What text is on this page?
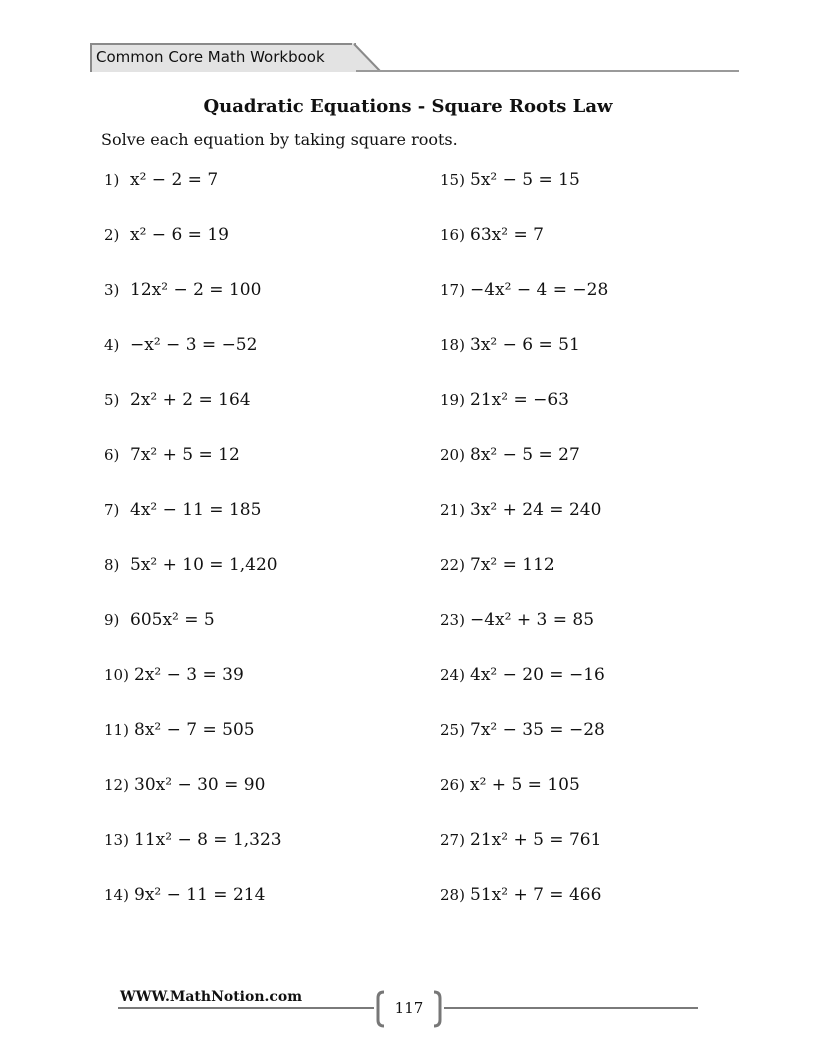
Common Core Math Workbook
Quadratic Equations - Square Roots Law
Solve each equation by taking square roots.
1) x² − 2 = 7
2) x² − 6 = 19
3) 12x² − 2 = 100
4) −x² − 3 = −52
5) 2x² + 2 = 164
6) 7x² + 5 = 12
7) 4x² − 11 = 185
8) 5x² + 10 = 1,420
9) 605x² = 5
10) 2x² − 3 = 39
11) 8x² − 7 = 505
12) 30x² − 30 = 90
13) 11x² − 8 = 1,323
14) 9x² − 11 = 214
15) 5x² − 5 = 15
16) 63x² = 7
17) −4x² − 4 = −28
18) 3x² − 6 = 51
19) 21x² = −63
20) 8x² − 5 = 27
21) 3x² + 24 = 240
22) 7x² = 112
23) −4x² + 3 = 85
24) 4x² − 20 = −16
25) 7x² − 35 = −28
26) x² + 5 = 105
27) 21x² + 5 = 761
28) 51x² + 7 = 466
WWW.MathNotion.com
117
